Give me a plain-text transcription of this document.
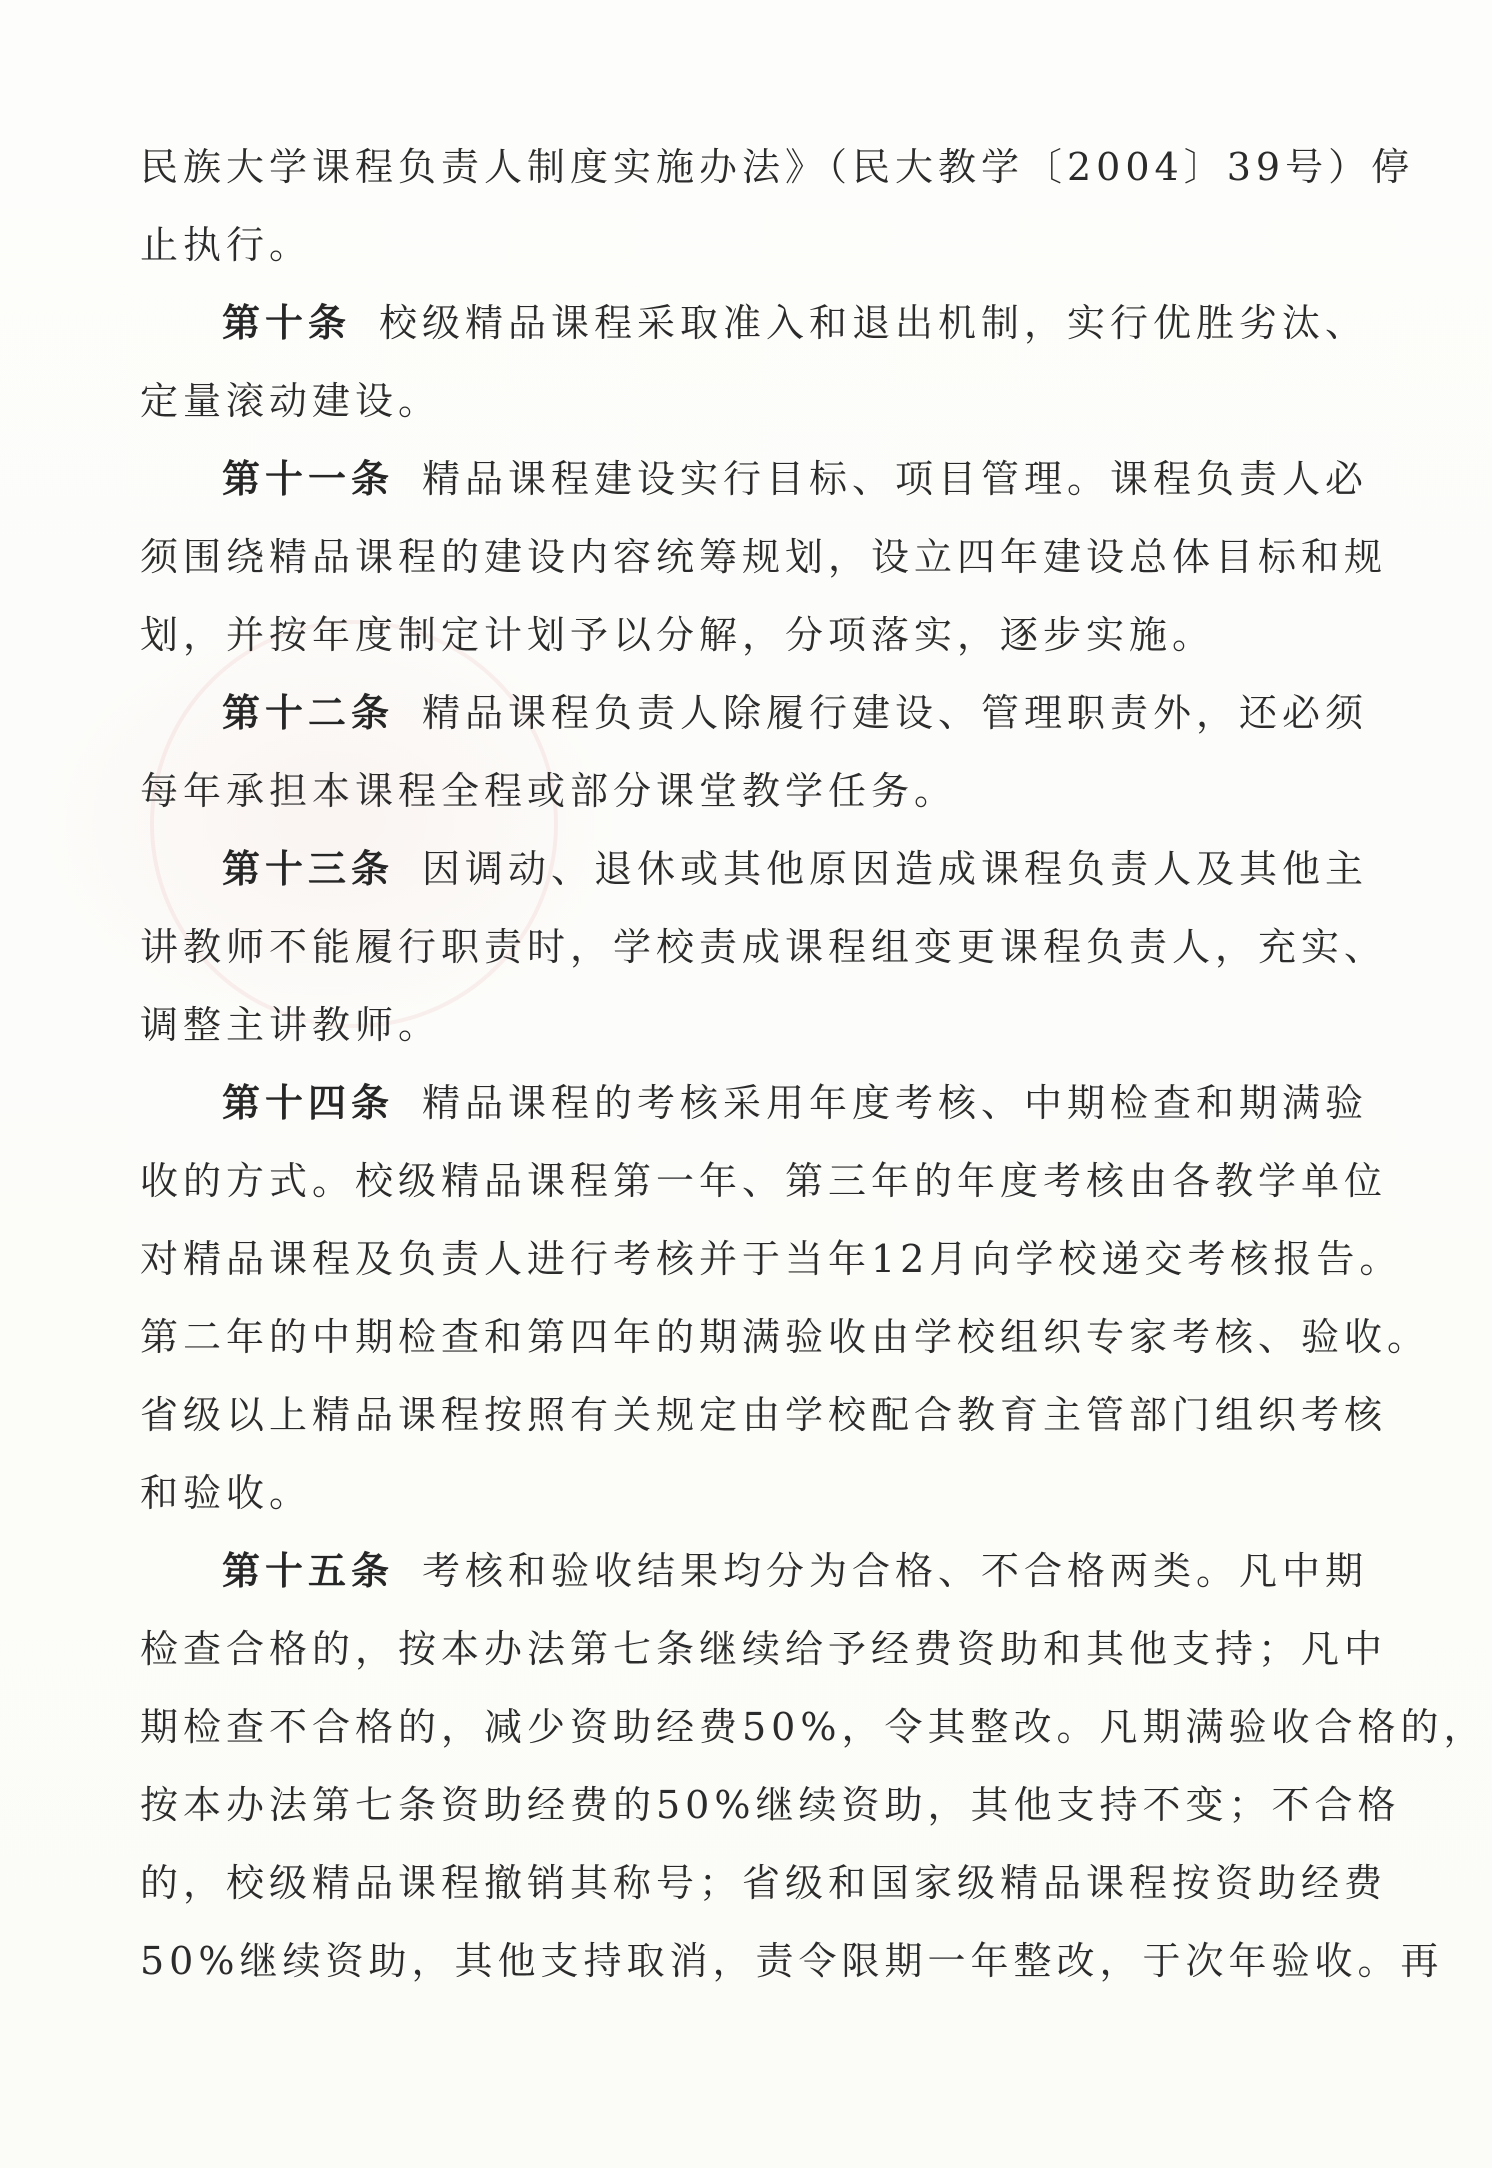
民族大学课程负责人制度实施办法》（民大教学〔2004〕39号）停
止执行。
第十条 校级精品课程采取准入和退出机制，实行优胜劣汰、
定量滚动建设。
第十一条 精品课程建设实行目标、项目管理。课程负责人必
须围绕精品课程的建设内容统筹规划，设立四年建设总体目标和规
划，并按年度制定计划予以分解，分项落实，逐步实施。
第十二条 精品课程负责人除履行建设、管理职责外，还必须
每年承担本课程全程或部分课堂教学任务。
第十三条 因调动、退休或其他原因造成课程负责人及其他主
讲教师不能履行职责时，学校责成课程组变更课程负责人，充实、
调整主讲教师。
第十四条 精品课程的考核采用年度考核、中期检查和期满验
收的方式。校级精品课程第一年、第三年的年度考核由各教学单位
对精品课程及负责人进行考核并于当年12月向学校递交考核报告。
第二年的中期检查和第四年的期满验收由学校组织专家考核、验收。
省级以上精品课程按照有关规定由学校配合教育主管部门组织考核
和验收。
第十五条 考核和验收结果均分为合格、不合格两类。凡中期
检查合格的，按本办法第七条继续给予经费资助和其他支持；凡中
期检查不合格的，减少资助经费50%，令其整改。凡期满验收合格的，
按本办法第七条资助经费的50%继续资助，其他支持不变；不合格
的，校级精品课程撤销其称号；省级和国家级精品课程按资助经费
50%继续资助，其他支持取消，责令限期一年整改，于次年验收。再
